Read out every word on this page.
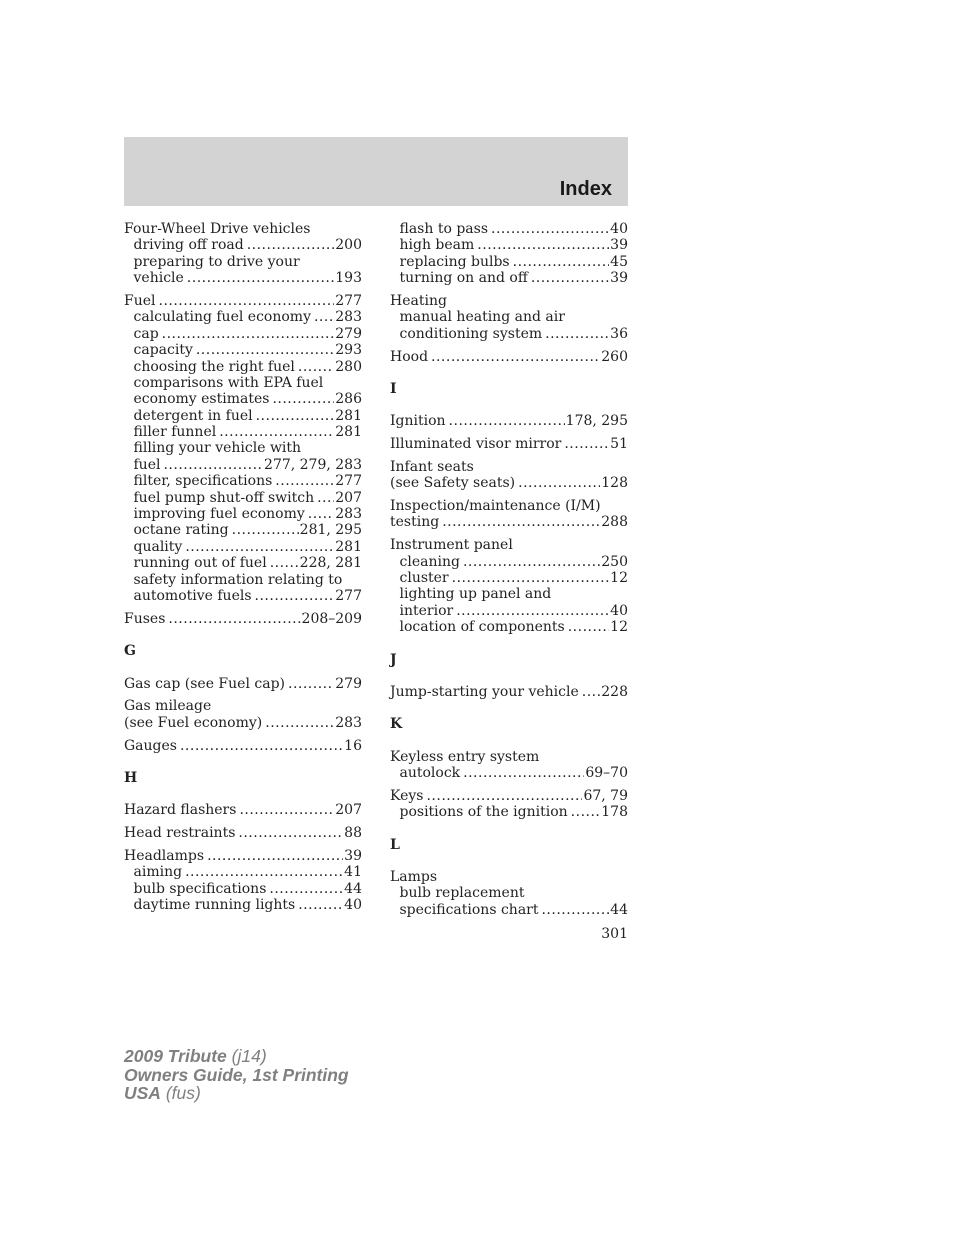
Index
Four-Wheel Drive vehicles
driving off road .....	200
preparing to drive your
vehicle .....	193
Fuel .....	277
calculating fuel economy ..... 283
cap .....	279
capacity .....	293
choosing the right fuel .....	280
comparisons with EPA fuel
economy estimates .....	286
detergent in fuel .....	281
filler funnel .....	281
filling your vehicle with
fuel .....	277, 279, 283
filter, specifications .....	277
fuel pump shut-off switch ..... 207
improving fuel economy ..... 283
octane rating .....	281, 295
quality .....	281
running out of fuel ..... 228, 281
safety information relating to
automotive fuels .....	277
Fuses .....	208–209
G
Gas cap (see Fuel cap) .....	279
Gas mileage
(see Fuel economy) .....	283
Gauges .....	16
H
Hazard flashers .....	207
Head restraints .....	88
Headlamps .....	39
aiming .....	41
bulb specifications .....	44
daytime running lights .....	40
flash to pass .....	40
high beam .....	39
replacing bulbs .....	45
turning on and off .....	39
Heating
manual heating and air
conditioning system .....	36
Hood .....	260
I
Ignition .....	178, 295
Illuminated visor mirror .....	51
Infant seats
(see Safety seats) .....	128
Inspection/maintenance (I/M)
testing .....	288
Instrument panel
cleaning .....	250
cluster .....	12
lighting up panel and
interior .....	40
location of components .....	12
J
Jump-starting your vehicle ..... 228
K
Keyless entry system
autolock .....	69–70
Keys .....	67, 79
positions of the ignition ..... 178
L
Lamps
bulb replacement
specifications chart .....	44
301
2009 Tribute (j14)
Owners Guide, 1st Printing
USA (fus)
